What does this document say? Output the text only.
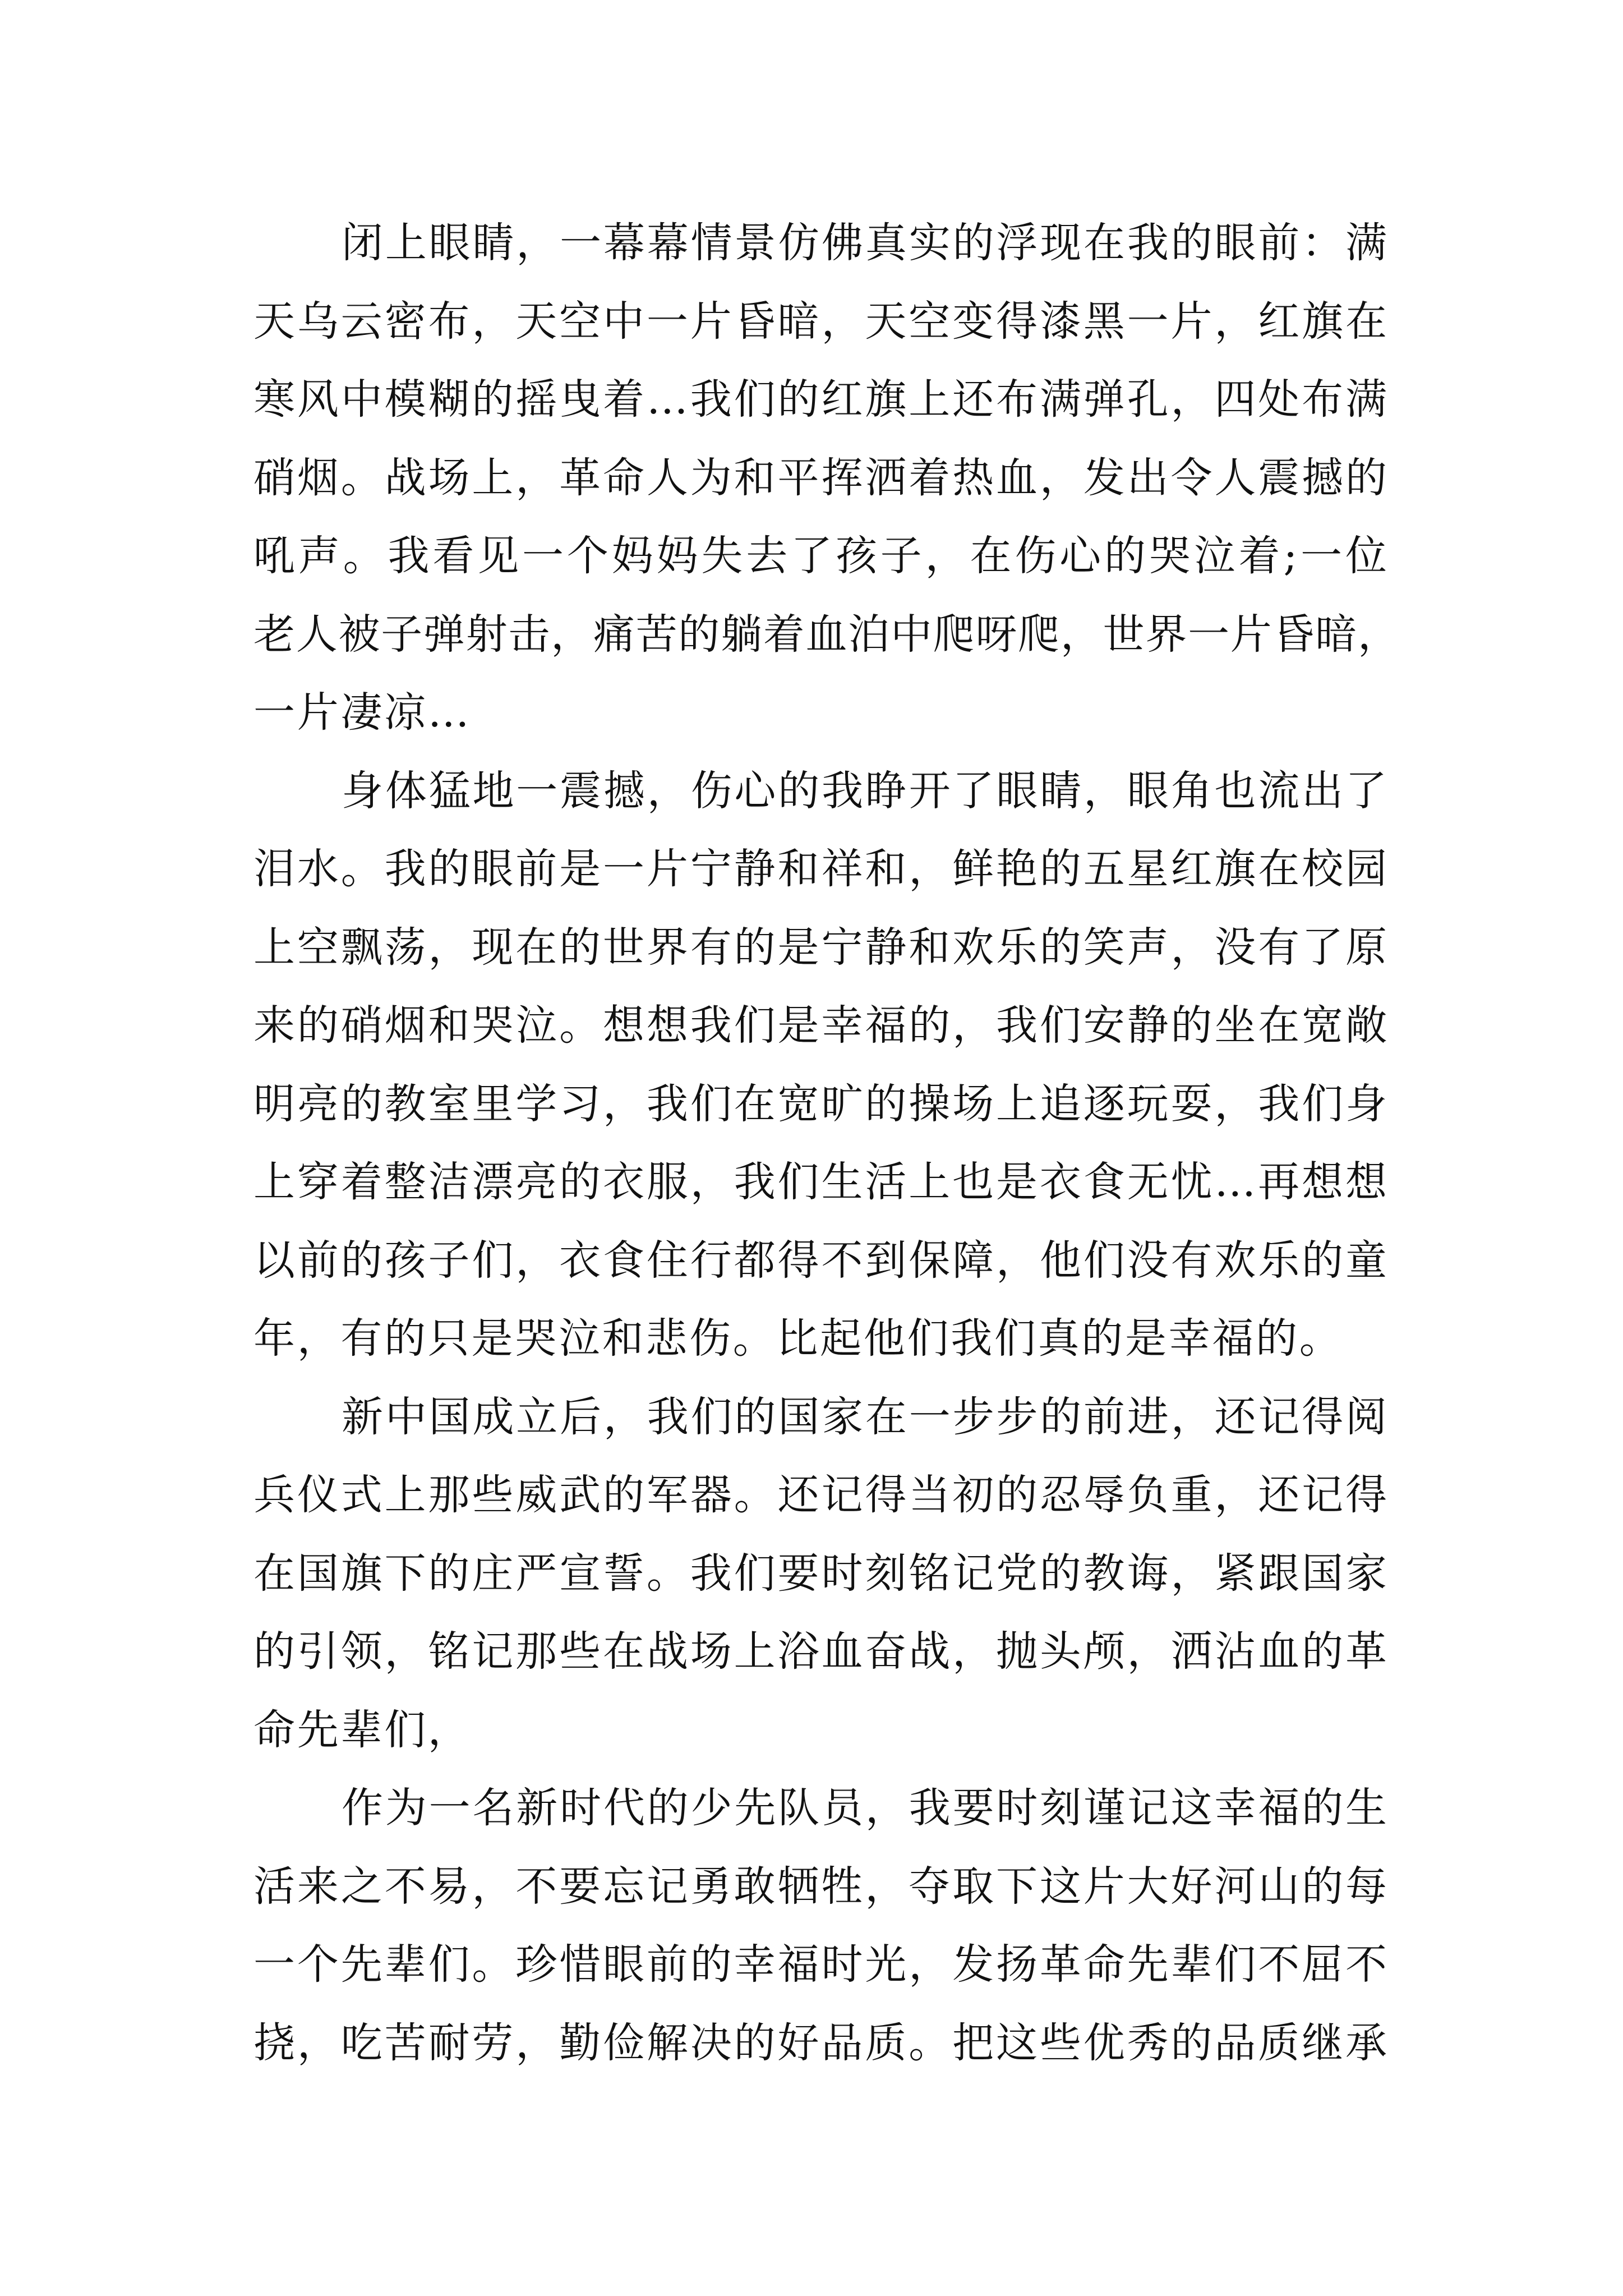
闭上眼睛，一幕幕情景仿佛真实的浮现在我的眼前：满
天乌云密布，天空中一片昏暗，天空变得漆黑一片，红旗在
寒风中模糊的摇曳着…我们的红旗上还布满弹孔，四处布满
硝烟。战场上，革命人为和平挥洒着热血，发出令人震撼的
吼声。我看见一个妈妈失去了孩子，在伤心的哭泣着;一位
老人被子弹射击，痛苦的躺着血泊中爬呀爬，世界一片昏暗，
一片凄凉…
身体猛地一震撼，伤心的我睁开了眼睛，眼角也流出了
泪水。我的眼前是一片宁静和祥和，鲜艳的五星红旗在校园
上空飘荡，现在的世界有的是宁静和欢乐的笑声，没有了原
来的硝烟和哭泣。想想我们是幸福的，我们安静的坐在宽敞
明亮的教室里学习，我们在宽旷的操场上追逐玩耍，我们身
上穿着整洁漂亮的衣服，我们生活上也是衣食无忧…再想想
以前的孩子们，衣食住行都得不到保障，他们没有欢乐的童
年，有的只是哭泣和悲伤。比起他们我们真的是幸福的。
新中国成立后，我们的国家在一步步的前进，还记得阅
兵仪式上那些威武的军器。还记得当初的忍辱负重，还记得
在国旗下的庄严宣誓。我们要时刻铭记党的教诲，紧跟国家
的引领，铭记那些在战场上浴血奋战，抛头颅，洒沾血的革
命先辈们，
作为一名新时代的少先队员，我要时刻谨记这幸福的生
活来之不易，不要忘记勇敢牺牲，夺取下这片大好河山的每
一个先辈们。珍惜眼前的幸福时光，发扬革命先辈们不屈不
挠，吃苦耐劳，勤俭解决的好品质。把这些优秀的品质继承
